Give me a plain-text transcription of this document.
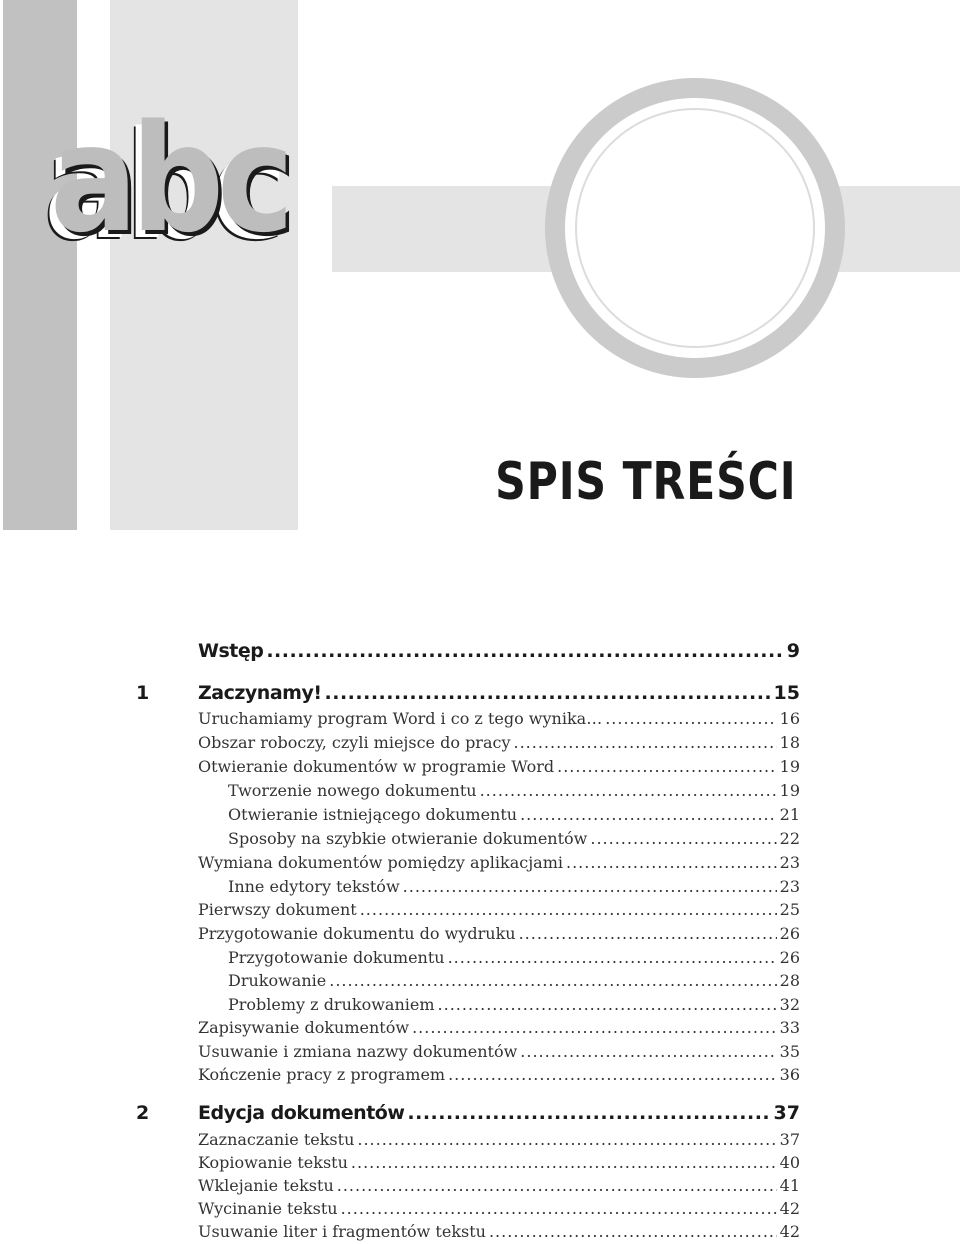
abc
SPIS TREŚCI
Wstęp .....	9
1	Zaczynamy! .....	15
Uruchamiamy program Word i co z tego wynika… .....	16
Obszar roboczy, czyli miejsce do pracy .....	18
Otwieranie dokumentów w programie Word .....	19
Tworzenie nowego dokumentu .....	19
Otwieranie istniejącego dokumentu .....	21
Sposoby na szybkie otwieranie dokumentów .....	22
Wymiana dokumentów pomiędzy aplikacjami .....	23
Inne edytory tekstów .....	23
Pierwszy dokument .....	25
Przygotowanie dokumentu do wydruku .....	26
Przygotowanie dokumentu .....	26
Drukowanie .....	28
Problemy z drukowaniem .....	32
Zapisywanie dokumentów .....	33
Usuwanie i zmiana nazwy dokumentów .....	35
Kończenie pracy z programem .....	36
2	Edycja dokumentów .....	37
Zaznaczanie tekstu .....	37
Kopiowanie tekstu .....	40
Wklejanie tekstu .....	41
Wycinanie tekstu .....	42
Usuwanie liter i fragmentów tekstu .....	42
